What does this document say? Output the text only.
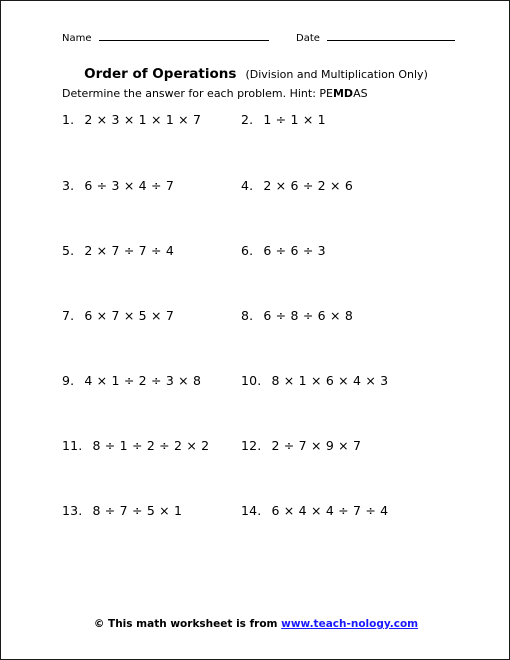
Name	Date
Order of Operations (Division and Multiplication Only)
Determine the answer for each problem. Hint: PEMDAS
1. 2 × 3 × 1 × 1 × 7	2. 1 ÷ 1 × 1
3. 6 ÷ 3 × 4 ÷ 7	4. 2 × 6 ÷ 2 × 6
5. 2 × 7 ÷ 7 ÷ 4	6. 6 ÷ 6 ÷ 3
7. 6 × 7 × 5 × 7	8. 6 ÷ 8 ÷ 6 × 8
9. 4 × 1 ÷ 2 ÷ 3 × 8	10. 8 × 1 × 6 × 4 × 3
11. 8 ÷ 1 ÷ 2 ÷ 2 × 2	12. 2 ÷ 7 × 9 × 7
13. 8 ÷ 7 ÷ 5 × 1	14. 6 × 4 × 4 ÷ 7 ÷ 4
© This math worksheet is from www.teach-nology.com
